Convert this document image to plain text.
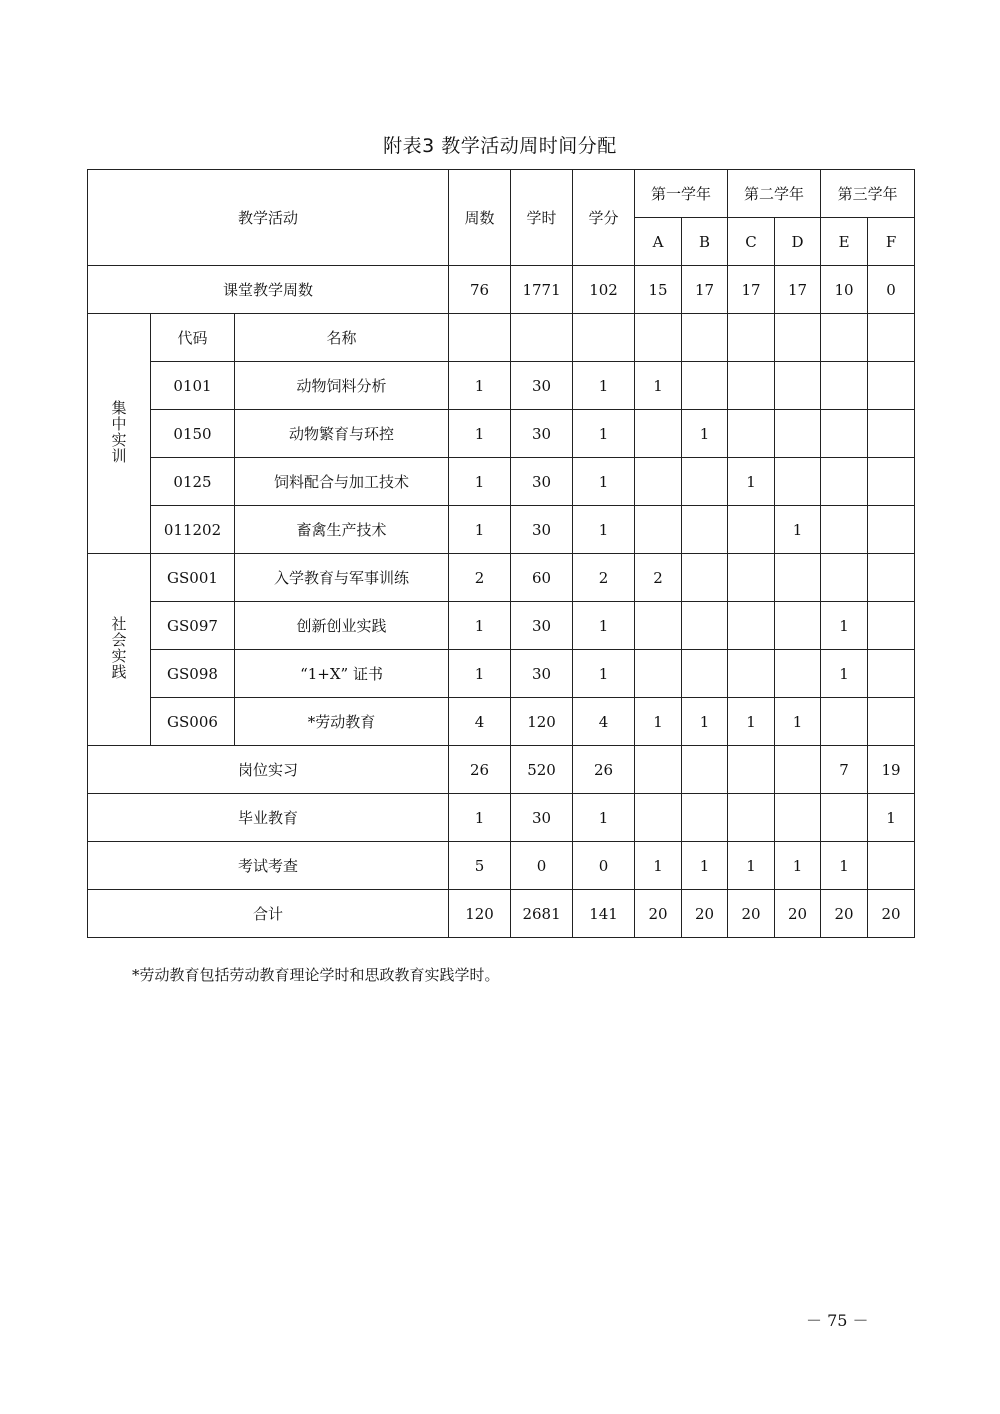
附表3 教学活动周时间分配
教学活动			周数	学时	学分	第一学年		第二学年		第三学年	
						A	B	C	D	E	F
课堂教学周数			76	1771	102	15	17	17	17	10	0
集中实训	代码	名称									
	0101	动物饲料分析	1	30	1	1					
	0150	动物繁育与环控	1	30	1		1				
	0125	饲料配合与加工技术	1	30	1			1			
	011202	畜禽生产技术	1	30	1				1		
社会实践	GS001	入学教育与军事训练	2	60	2	2					
	GS097	创新创业实践	1	30	1					1	
	GS098	“1+X” 证书	1	30	1					1	
	GS006	*劳动教育	4	120	4	1	1	1	1		
岗位实习			26	520	26					7	19
毕业教育			1	30	1						1
考试考查			5	0	0	1	1	1	1	1	
合计			120	2681	141	20	20	20	20	20	20
*劳动教育包括劳动教育理论学时和思政教育实践学时。
－ 75 －
